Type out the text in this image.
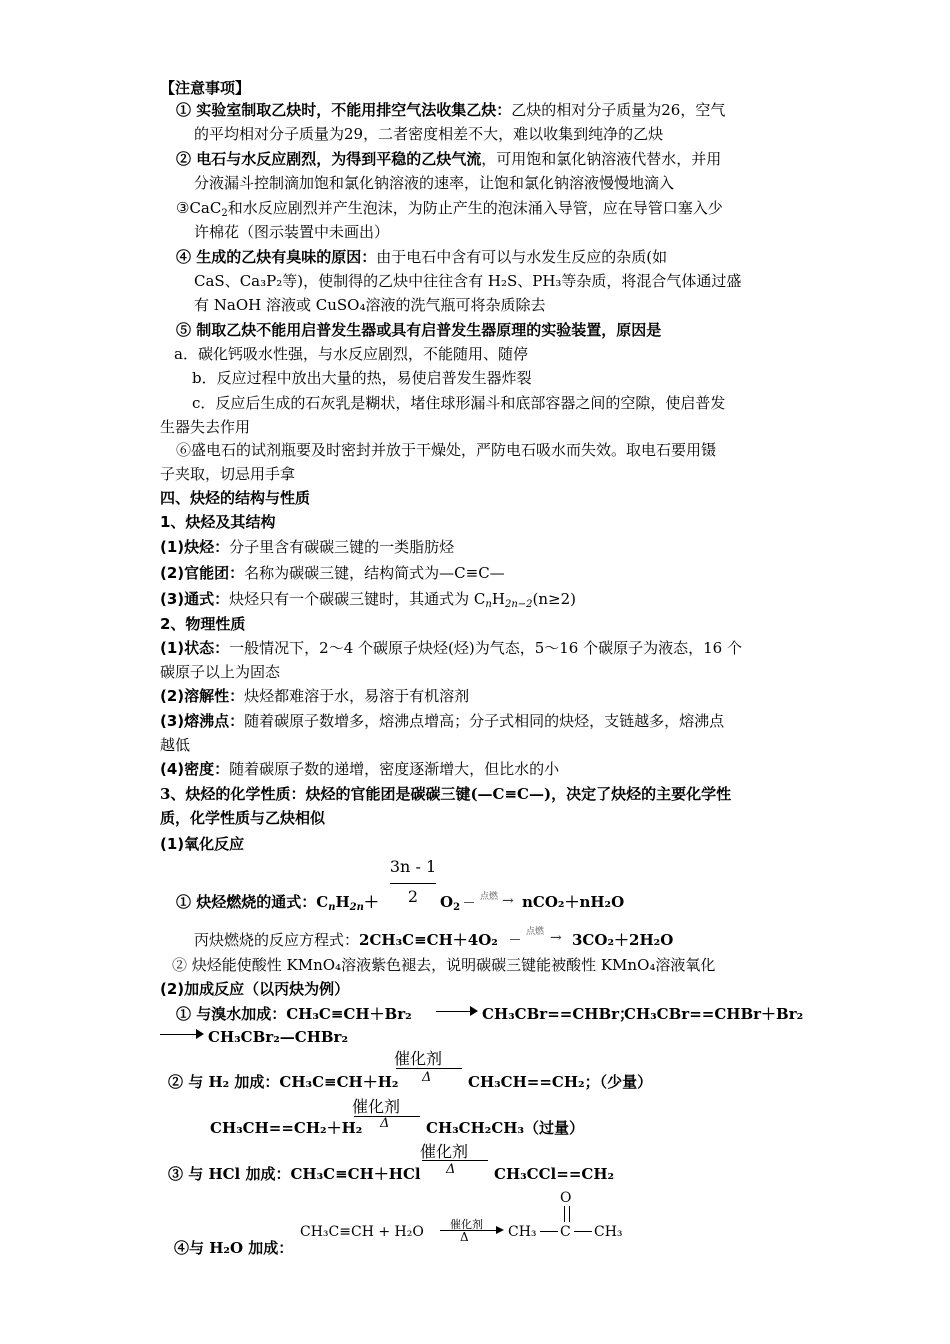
【注意事项】
① 实验室制取乙炔时，不能用排空气法收集乙炔：乙炔的相对分子质量为26，空气
的平均相对分子质量为29，二者密度相差不大，难以收集到纯净的乙炔
② 电石与水反应剧烈，为得到平稳的乙炔气流，可用饱和氯化钠溶液代替水，并用
分液漏斗控制滴加饱和氯化钠溶液的速率，让饱和氯化钠溶液慢慢地滴入
③CaC$_2$和水反应剧烈并产生泡沫，为防止产生的泡沫涌入导管，应在导管口塞入少
许棉花（图示装置中未画出）
④ 生成的乙炔有臭味的原因：由于电石中含有可以与水发生反应的杂质(如
CaS、Ca₃P₂等)，使制得的乙炔中往往含有 H₂S、PH₃等杂质，将混合气体通过盛
有 NaOH 溶液或 CuSO₄溶液的洗气瓶可将杂质除去
⑤ 制取乙炔不能用启普发生器或具有启普发生器原理的实验装置，原因是
a．碳化钙吸水性强，与水反应剧烈，不能随用、随停
b．反应过程中放出大量的热，易使启普发生器炸裂
c．反应后生成的石灰乳是糊状，堵住球形漏斗和底部容器之间的空隙，使启普发
生器失去作用
⑥盛电石的试剂瓶要及时密封并放于干燥处，严防电石吸水而失效。取电石要用镊
子夹取，切忌用手拿
四、炔烃的结构与性质
1、炔烃及其结构
(1)炔烃：分子里含有碳碳三键的一类脂肪烃
(2)官能团：名称为碳碳三键，结构简式为—C≡C—
(3)通式：炔烃只有一个碳碳三键时，其通式为 $C_nH_{2n-2}(n\ge 2)$
2、物理性质
(1)状态：一般情况下，2～4 个碳原子炔烃(烃)为气态，5～16 个碳原子为液态，16 个
碳原子以上为固态
(2)溶解性：炔烃都难溶于水，易溶于有机溶剂
(3)熔沸点：随着碳原子数增多，熔沸点增高；分子式相同的炔烃，支链越多，熔沸点
越低
(4)密度：随着碳原子数的递增，密度逐渐增大，但比水的小
3、炔烃的化学性质：炔烃的官能团是碳碳三键(—C≡C—)，决定了炔烃的主要化学性
质，化学性质与乙炔相似
(1)氧化反应
3n - 1
2
① 炔烃燃烧的通式：$C_nH_{2n}+$	$O_2$
点燃 → nCO₂＋nH₂O
丙炔燃烧的反应方程式：2CH₃C≡CH＋4O₂	点燃 → 3CO₂＋2H₂O
② 炔烃能使酸性 KMnO₄溶液紫色褪去，说明碳碳三键能被酸性 KMnO₄溶液氧化
(2)加成反应（以丙炔为例）
① 与溴水加成：CH₃C≡CH＋Br₂	CH₃CBr==CHBr；
CH₃CBr==CHBr＋Br₂
CH₃CBr₂—CHBr₂
催化剂
Δ
② 与 H₂ 加成：CH₃C≡CH＋H₂	CH₃CH==CH₂；（少量）
催化剂
Δ
CH₃CH==CH₂＋H₂	CH₃CH₂CH₃（过量）
催化剂
Δ
③ 与 HCl 加成：CH₃C≡CH＋HCl	CH₃CCl==CH₂
④与 H₂O 加成：
CH₃C≡CH + H₂O	催化剂
Δ	CH₃	C	CH₃
O
